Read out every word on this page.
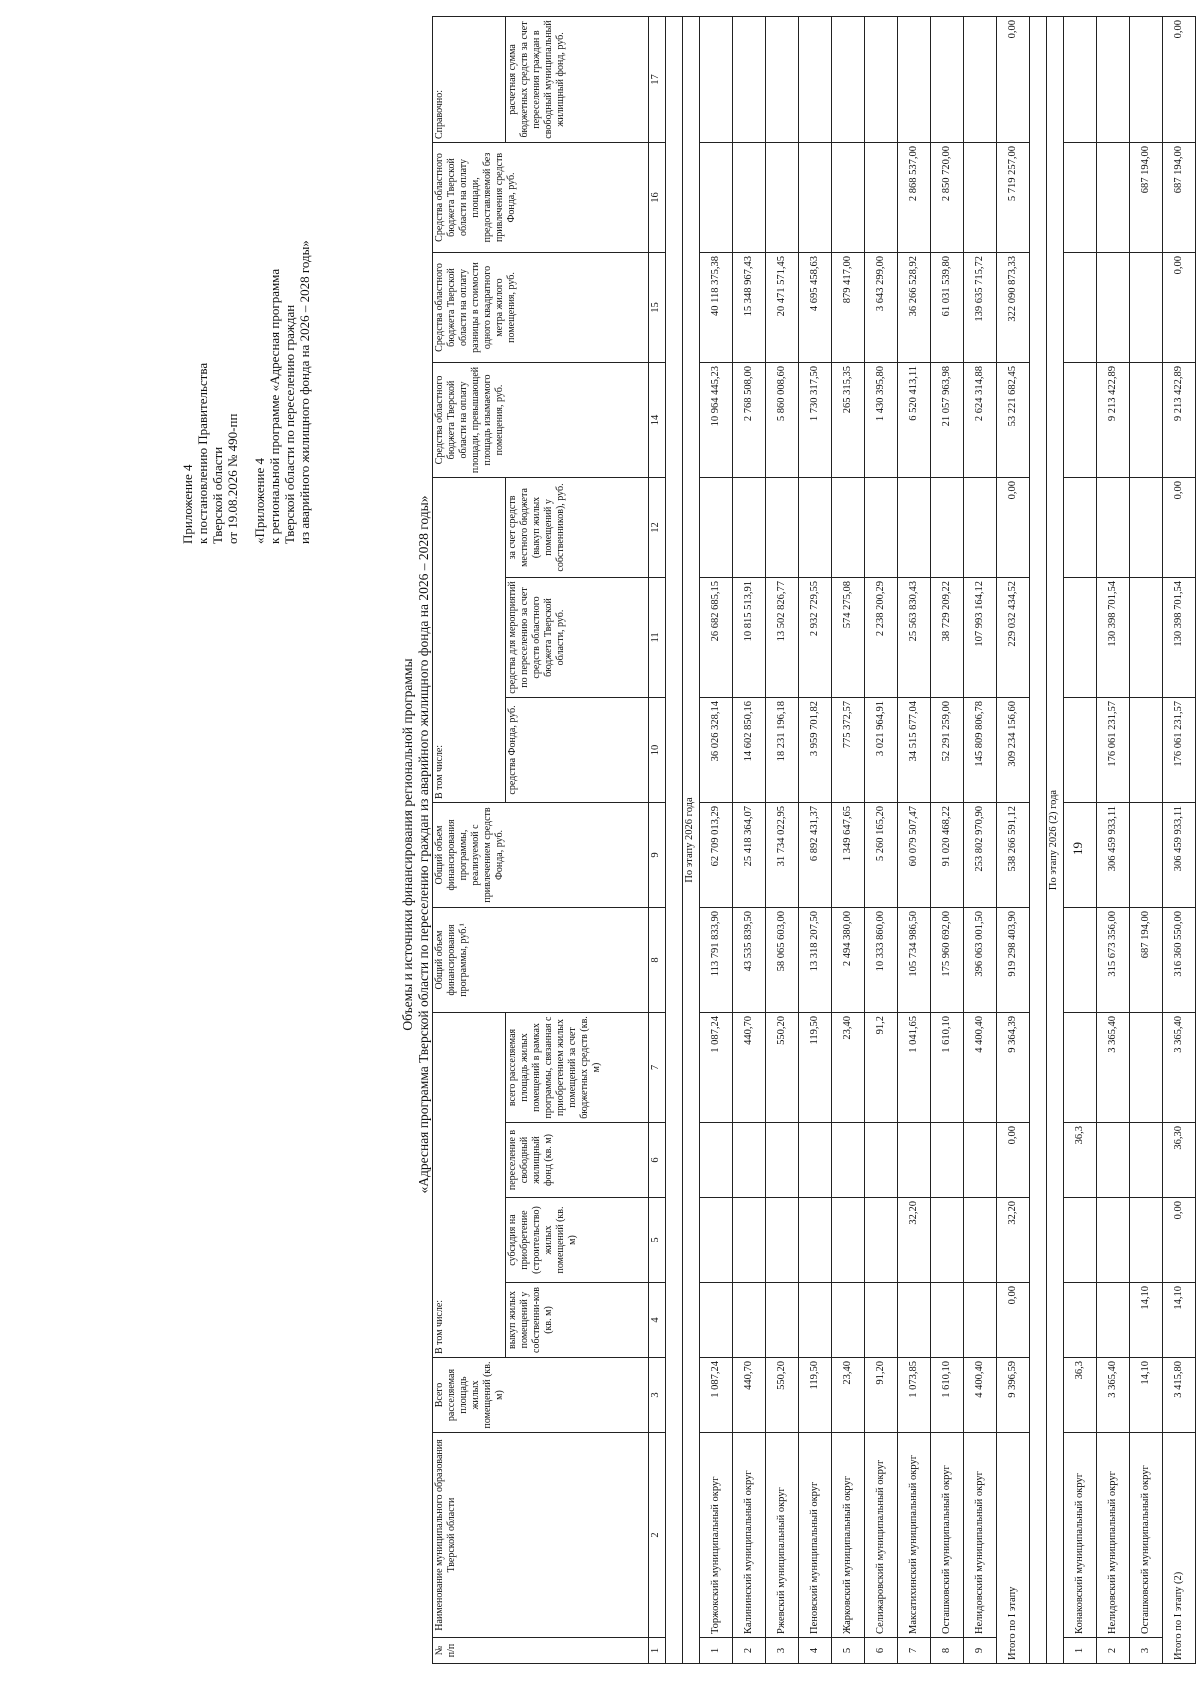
19
Приложение 4 к постановлению Правительства Тверской области от 19.08.2026 № 490-пп «Приложение 4 к региональной программе «Адресная программа Тверской области по переселению граждан из аварийного жилищного фонда на 2026 – 2028 годы»
Объемы и источники финансирования региональной программы «Адресная программа Тверской области по переселению граждан из аварийного жилищного фонда на 2026 – 2028 годы»
№ п/п	Наименование муниципального образования Тверской области	Всего расселяемая площадь жилых помещений (кв. м)	В том числе:				Общий объем финансирования программы, руб.¹	Общий объем финансирования программы, реализуемой с привлечением средств Фонда, руб.	В том числе:			Средства областного бюджета Тверской области на оплату площади, превышающей площадь изымаемого помещения, руб.	Средства областного бюджета Тверской области на оплату разницы в стоимости одного квадратного метра жилого помещения, руб.	Средства областного бюджета Тверской области на оплату площади, предоставляемой без привлечения средств Фонда, руб.	Справочно:
			выкуп жилых помещений у собственни-ков (кв. м)	субсидия на приобретение (строительство) жилых помещений (кв. м)	переселение в свободный жилищный фонд (кв. м)	всего расселяемая площадь жилых помещений в рамках программы, связанная с приобретением жилых помещений за счет бюджетных средств (кв. м)			средства Фонда, руб.	средства для мероприятий по переселению за счет средств областного бюджета Тверской области, руб.	за счет средств местного бюджета (выкуп жилых помещений у собственников), руб.				расчетная сумма бюджетных средств за счет переселения граждан в свободный муниципальный жилищный фонд, руб.
1	2	3	4	5	6	7	8	9	10	11	12	14	15	16	17

По этапу 2026 года															
1	Торжокский муниципальный округ	1 087,24				1 087,24	113 791 833,90	62 709 013,29	36 026 328,14	26 682 685,15		10 964 445,23	40 118 375,38		
2	Калининский муниципальный округ	440,70				440,70	43 535 839,50	25 418 364,07	14 602 850,16	10 815 513,91		2 768 508,00	15 348 967,43		
3	Ржевский муниципальный округ	550,20				550,20	58 065 603,00	31 734 022,95	18 231 196,18	13 502 826,77		5 860 008,60	20 471 571,45		
4	Пеновский муниципальный округ	119,50				119,50	13 318 207,50	6 892 431,37	3 959 701,82	2 932 729,55		1 730 317,50	4 695 458,63		
5	Жарковский муниципальный округ	23,40				23,40	2 494 380,00	1 349 647,65	775 372,57	574 275,08		265 315,35	879 417,00		
6	Селижаровский муниципальный округ	91,20				91,2	10 333 860,00	5 260 165,20	3 021 964,91	2 238 200,29		1 430 395,80	3 643 299,00		
7	Максатихинский муниципальный округ	1 073,85		32,20		1 041,65	105 734 986,50	60 079 507,47	34 515 677,04	25 563 830,43		6 520 413,11	36 266 528,92	2 868 537,00	
8	Осташковский муниципальный округ	1 610,10				1 610,10	175 960 692,00	91 020 468,22	52 291 259,00	38 729 209,22		21 057 963,98	61 031 539,80	2 850 720,00	
9	Нелидовский муниципальный округ	4 400,40				4 400,40	396 063 001,50	253 802 970,90	145 809 806,78	107 993 164,12		2 624 314,88	139 635 715,72		
Итого по I этапу		9 396,59	0,00	32,20	0,00	9 364,39	919 298 403,90	538 266 591,12	309 234 156,60	229 032 434,52	0,00	53 221 682,45	322 090 873,33	5 719 257,00	0,00

По этапу 2026 (2) года															
1	Конаковский муниципальный округ	36,3			36,3										
2	Нелидовский муниципальный округ	3 365,40				3 365,40	315 673 356,00	306 459 933,11	176 061 231,57	130 398 701,54		9 213 422,89			
3	Осташковский муниципальный округ	14,10	14,10				687 194,00							687 194,00	
Итого по I этапу (2)		3 415,80	14,10	0,00	36,30	3 365,40	316 360 550,00	306 459 933,11	176 061 231,57	130 398 701,54	0,00	9 213 422,89	0,00	687 194,00	0,00
